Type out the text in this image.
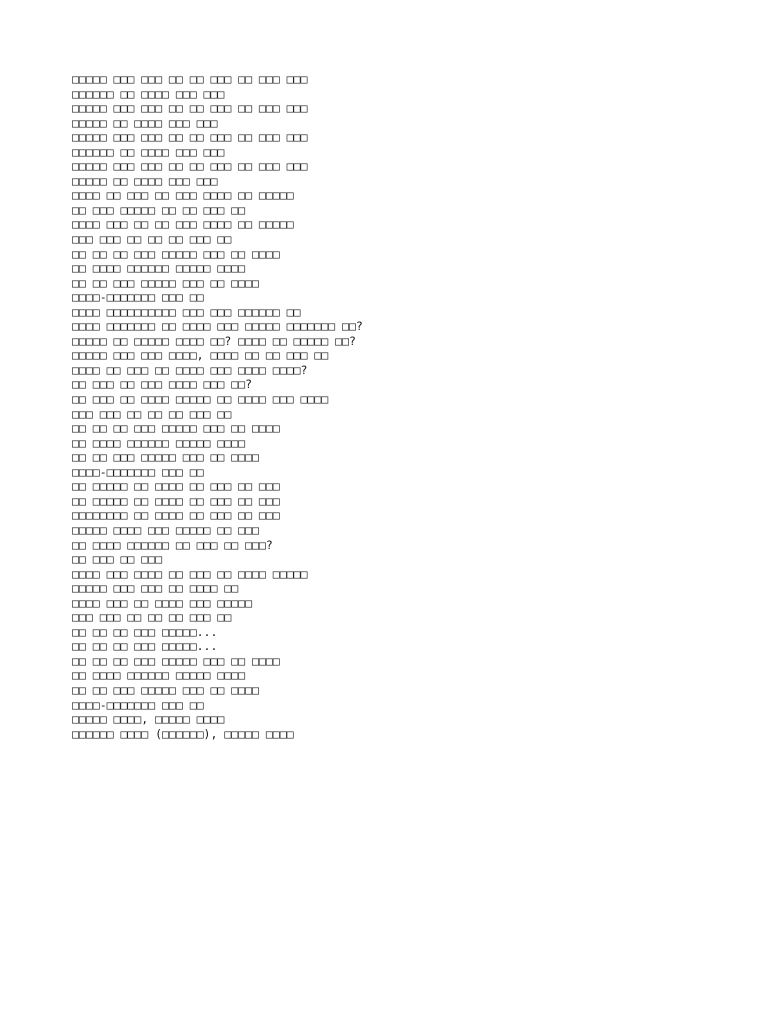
□□□□□ □□□ □□□ □□ □□ □□□ □□ □□□ □□□
□□□□□□ □□ □□□□ □□□ □□□
□□□□□ □□□ □□□ □□ □□ □□□ □□ □□□ □□□
□□□□□ □□ □□□□ □□□ □□□
□□□□□ □□□ □□□ □□ □□ □□□ □□ □□□ □□□
□□□□□□ □□ □□□□ □□□ □□□
□□□□□ □□□ □□□ □□ □□ □□□ □□ □□□ □□□
□□□□□ □□ □□□□ □□□ □□□
□□□□ □□ □□□ □□ □□□ □□□□ □□ □□□□□
□□ □□□ □□□□□ □□ □□ □□□ □□
□□□□ □□□ □□ □□ □□□ □□□□ □□ □□□□□
□□□ □□□ □□ □□ □□ □□□ □□
□□ □□ □□ □□□ □□□□□ □□□ □□ □□□□
□□ □□□□ □□□□□□ □□□□□ □□□□
□□ □□ □□□ □□□□□ □□□ □□ □□□□
□□□□-□□□□□□□ □□□ □□
□□□□ □□□□□□□□□□ □□□ □□□ □□□□□□ □□
□□□□ □□□□□□□ □□ □□□□ □□□ □□□□□ □□□□□□□ □□?
□□□□□ □□ □□□□□ □□□□ □□? □□□□ □□ □□□□□ □□?
□□□□□ □□□ □□□ □□□□, □□□□ □□ □□ □□□ □□
□□□□ □□ □□□ □□ □□□□ □□□ □□□□ □□□□?
□□ □□□ □□ □□□ □□□□ □□□ □□?
□□ □□□ □□ □□□□ □□□□□ □□ □□□□ □□□ □□□□
□□□ □□□ □□ □□ □□ □□□ □□
□□ □□ □□ □□□ □□□□□ □□□ □□ □□□□
□□ □□□□ □□□□□□ □□□□□ □□□□
□□ □□ □□□ □□□□□ □□□ □□ □□□□
□□□□-□□□□□□□ □□□ □□
□□ □□□□□ □□ □□□□ □□ □□□ □□ □□□
□□ □□□□□ □□ □□□□ □□ □□□ □□ □□□
□□□□□□□□ □□ □□□□ □□ □□□ □□ □□□
□□□□□ □□□□ □□□ □□□□□ □□ □□□
□□ □□□□ □□□□□□ □□ □□□ □□ □□□?
□□ □□□ □□ □□□
□□□□ □□□ □□□□ □□ □□□ □□ □□□□ □□□□□
□□□□□ □□□ □□□ □□ □□□□ □□
□□□□ □□□ □□ □□□□ □□□ □□□□□
□□□ □□□ □□ □□ □□ □□□ □□
□□ □□ □□ □□□ □□□□□...
□□ □□ □□ □□□ □□□□□...
□□ □□ □□ □□□ □□□□□ □□□ □□ □□□□
□□ □□□□ □□□□□□ □□□□□ □□□□
□□ □□ □□□ □□□□□ □□□ □□ □□□□
□□□□-□□□□□□□ □□□ □□
□□□□□ □□□□, □□□□□ □□□□
□□□□□□ □□□□ (□□□□□□), □□□□□ □□□□
